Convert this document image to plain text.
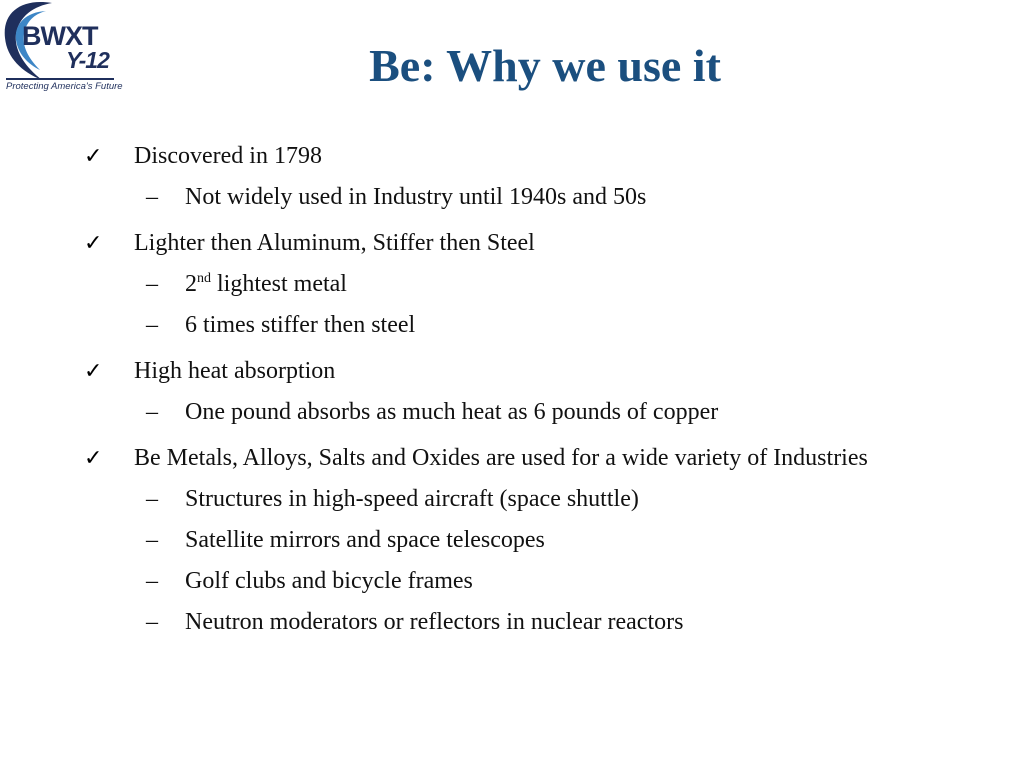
BWXT
Y-12
Protecting America's Future	Be: Why we use it
✓ Discovered in 1798
– Not widely used in Industry until 1940s and 50s
✓ Lighter then Aluminum, Stiffer then Steel
– 2nd lightest metal
– 6 times stiffer then steel
✓ High heat absorption
– One pound absorbs as much heat as 6 pounds of copper
✓ Be Metals, Alloys, Salts and Oxides are used for a wide variety of Industries
– Structures in high-speed aircraft (space shuttle)
– Satellite mirrors and space telescopes
– Golf clubs and bicycle frames
– Neutron moderators or reflectors in nuclear reactors
